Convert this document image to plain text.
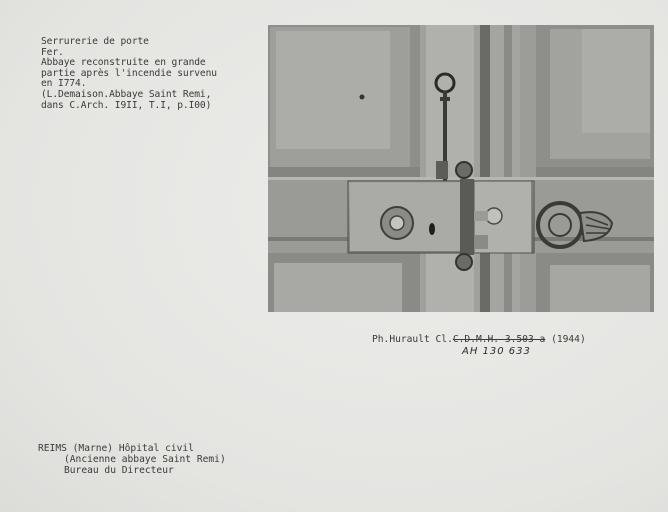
Serrurerie de porte
Fer.
Abbaye reconstruite en grande
partie après l'incendie survenu
en I774.
(L.Demaison.Abbaye Saint Remi,
dans C.Arch. I9II, T.I, p.I00)
Ph.Hurault Cl.C.D.M.H. 3.503 a (1944)
AH 130 633
REIMS (Marne) Hôpital civil
(Ancienne abbaye Saint Remi)
Bureau du Directeur
